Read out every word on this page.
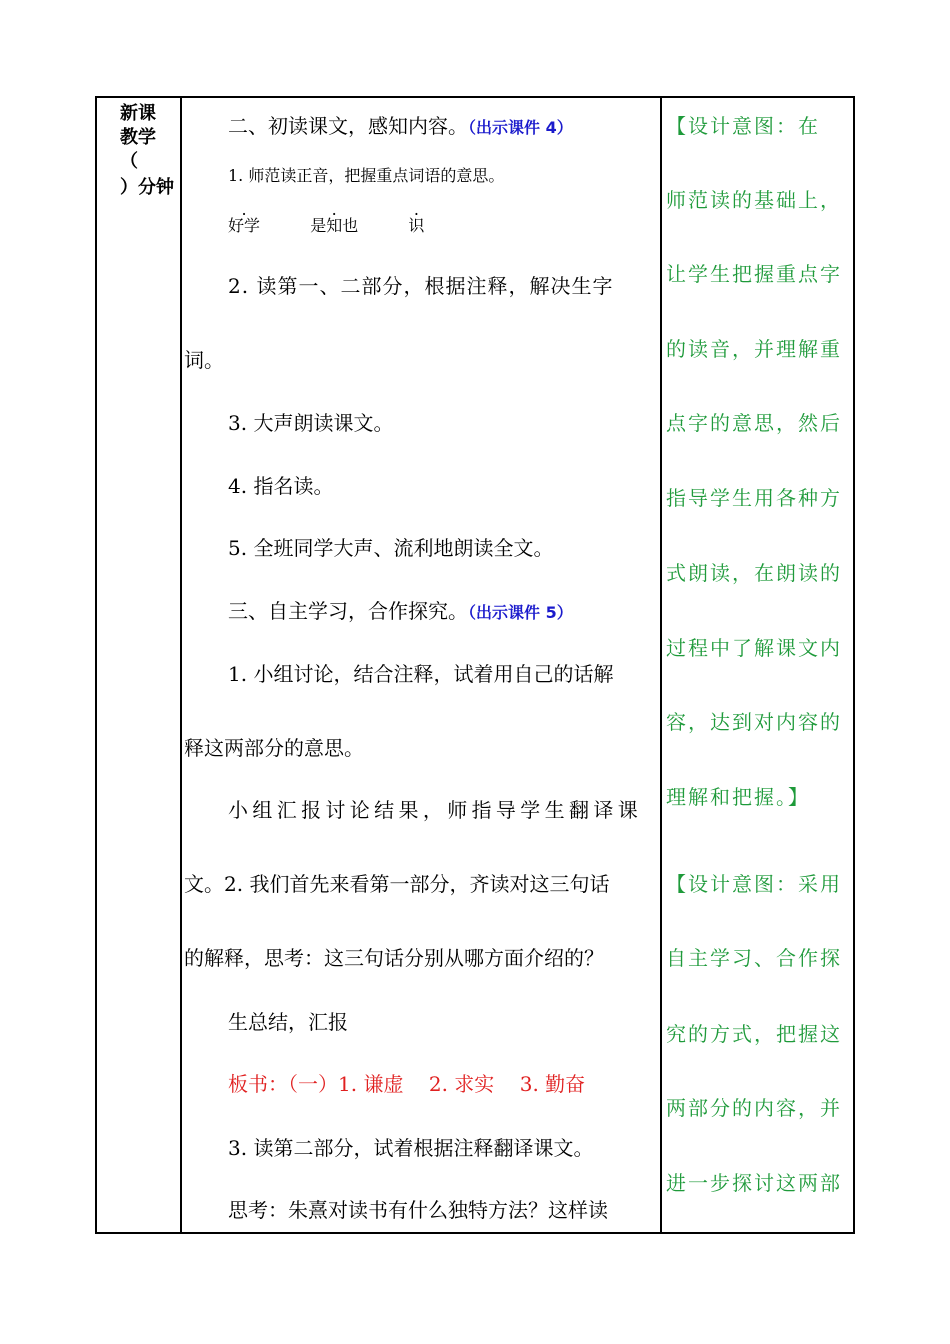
新课
教学
（
）分钟
二、初读课文，感知内容。（出示课件 4）
1. 师范读正音，把握重点词语的意思。
好学	是知也	识
2. 读第一、二部分，根据注释，解决生字
词。
3. 大声朗读课文。
4. 指名读。
5. 全班同学大声、流利地朗读全文。
三、自主学习，合作探究。（出示课件 5）
1. 小组讨论，结合注释，试着用自己的话解
释这两部分的意思。
小 组 汇 报 讨 论 结 果 ， 师 指 导 学 生 翻 译 课
文。2. 我们首先来看第一部分，齐读对这三句话
的解释，思考：这三句话分别从哪方面介绍的？
生总结，汇报
板书：（一）1. 谦虚    2. 求实    3. 勤奋
3. 读第二部分，试着根据注释翻译课文。
思考：朱熹对读书有什么独特方法？这样读
【设计意图：在
师范读的基础上，
让学生把握重点字
的读音，并理解重
点字的意思，然后
指导学生用各种方
式朗读，在朗读的
过程中了解课文内
容，达到对内容的
理解和把握。】
【设计意图：采用
自主学习、合作探
究的方式，把握这
两部分的内容，并
进一步探讨这两部
